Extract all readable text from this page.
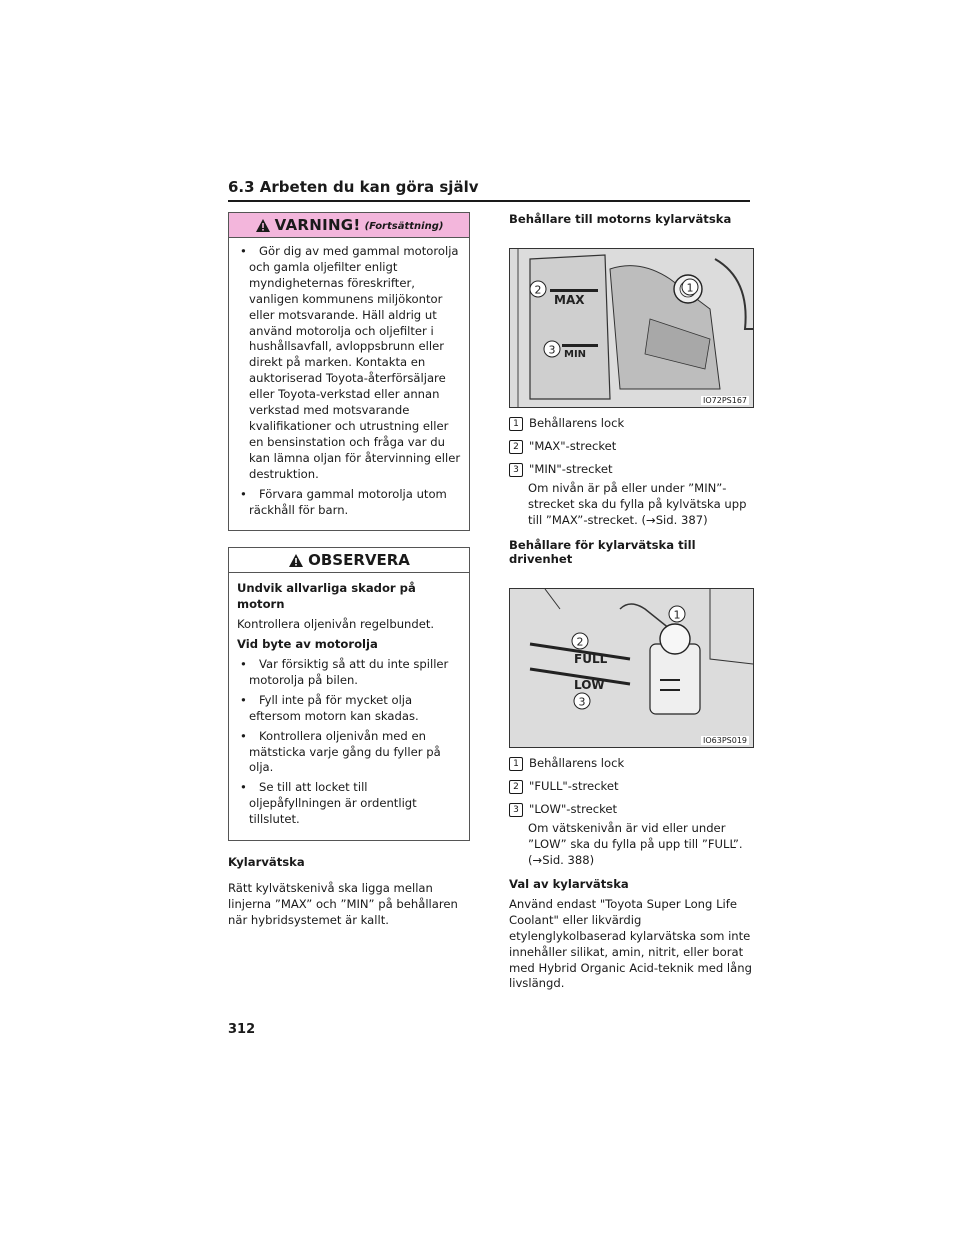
6.3 Arbeten du kan göra själv
VARNING! (Fortsättning)
•	Gör dig av med gammal motorolja och gamla oljefilter enligt myndigheternas föreskrifter, vanligen kommunens miljökontor eller motsvarande. Häll aldrig ut använd motorolja och oljefilter i hushållsavfall, avloppsbrunn eller direkt på marken. Kontakta en auktoriserad Toyota-återförsäljare eller Toyota-verkstad eller annan verkstad med motsvarande kvalifikationer och utrustning eller en bensinstation och fråga var du kan lämna oljan för återvinning eller destruktion.
•	Förvara gammal motorolja utom räckhåll för barn.
OBSERVERA
Undvik allvarliga skador på motorn
Kontrollera oljenivån regelbundet.
Vid byte av motorolja
•	Var försiktig så att du inte spiller motorolja på bilen.
•	Fyll inte på för mycket olja eftersom motorn kan skadas.
•	Kontrollera oljenivån med en mätsticka varje gång du fyller på olja.
•	Se till att locket till oljepåfyllningen är ordentligt tillslutet.
Kylarvätska
Rätt kylvätskenivå ska ligga mellan linjerna ”MAX” och ”MIN” på behållaren när hybridsystemet är kallt.
Behållare till motorns kylarvätska
MAX
MIN
2
3
1
IO72PS167
1 Behållarens lock
2 "MAX"-strecket
3 "MIN"-strecket
Om nivån är på eller under ”MIN”-strecket ska du fylla på kylvätska upp till ”MAX”-strecket. (→Sid. 387)
Behållare för kylarvätska till drivenhet
FULL
LOW
1
2
3
IO63PS019
1 Behållarens lock
2 "FULL"-strecket
3 "LOW"-strecket
Om vätskenivån är vid eller under ”LOW” ska du fylla på upp till ”FULL”. (→Sid. 388)
Val av kylarvätska
Använd endast "Toyota Super Long Life Coolant" eller likvärdig etylenglykolbaserad kylarvätska som inte innehåller silikat, amin, nitrit, eller borat med Hybrid Organic Acid-teknik med lång livslängd.
312
